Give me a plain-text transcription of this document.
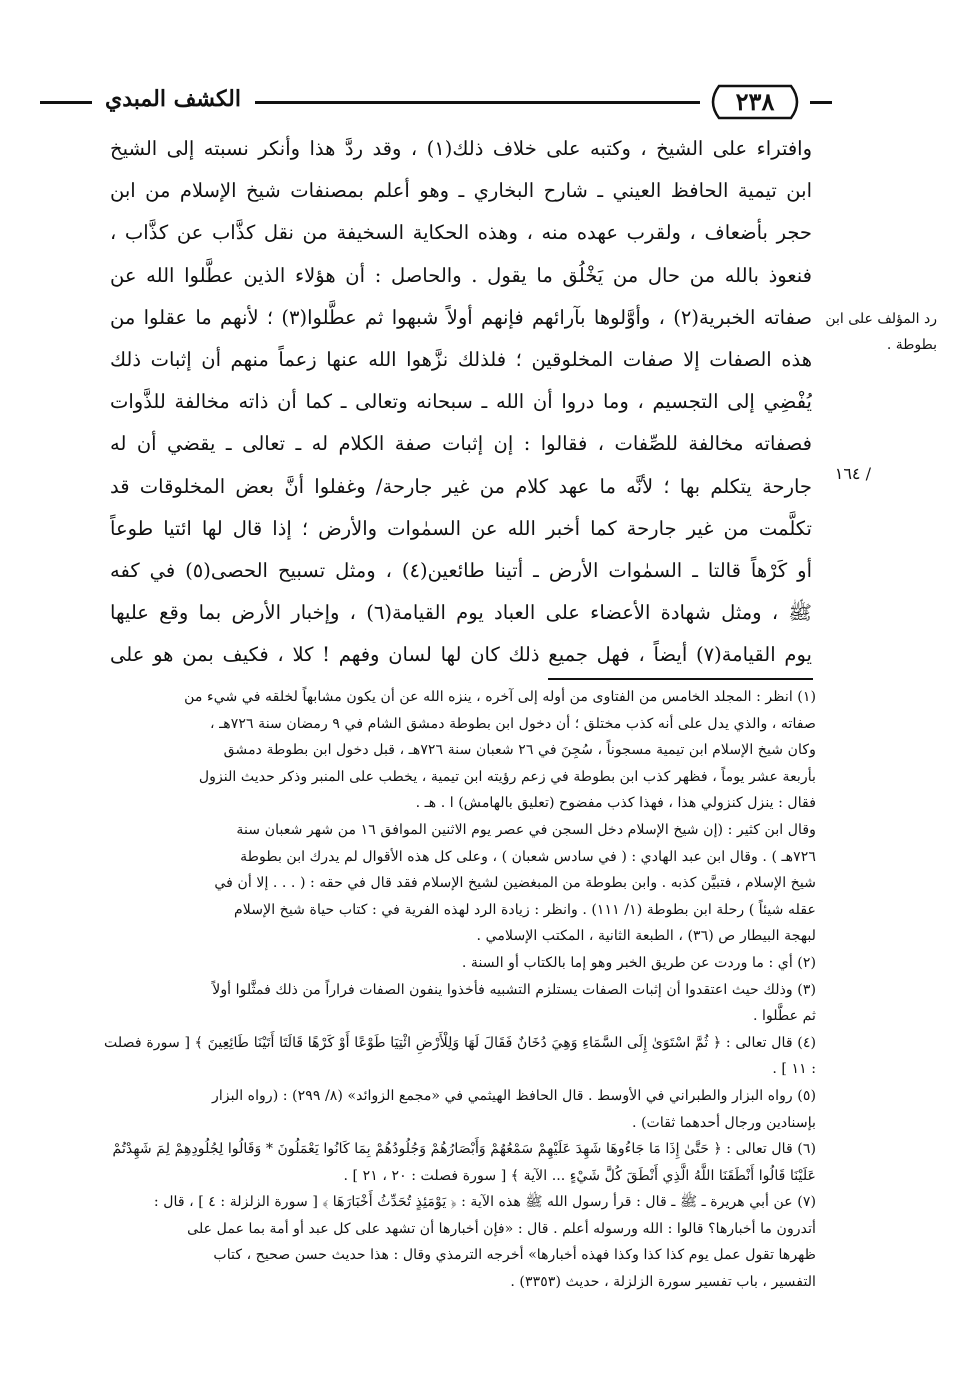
٢٣٨
الكشف المبدي
وافتراء على الشيخ ، وكتبه على خلاف ذلك(١) ، وقد ردَّ هذا وأنكر نسبته إلى الشيخ
ابن تيمية الحافظ العيني ـ شارح البخاري ـ وهو أعلم بمصنفات شيخ الإسلام من ابن
حجر بأضعاف ، ولقرب عهده منه ، وهذه الحكاية السخيفة من نقل كذَّاب عن كذَّاب ،
فنعوذ بالله من حال من يَخْلُق ما يقول . والحاصل : أن هؤلاء الذين عطَّلوا الله عن
صفاته الخبرية(٢) ، وأوَّلوها بآرائهم فإنهم أولاً شبهوا ثم عطَّلوا(٣) ؛ لأنهم ما عقلوا من
هذه الصفات إلا صفات المخلوقين ؛ فلذلك نزَّهوا الله عنها زعماً منهم أن إثبات ذلك
يُفْضِي إلى التجسيم ، وما دروا أن الله ـ سبحانه وتعالى ـ كما أن ذاته مخالفة للذَّوات
فصفاته مخالفة للصِّفات ، فقالوا : إن إثبات صفة الكلام له ـ تعالى ـ يقضي أن له
جارحة يتكلم بها ؛ لأنَّه ما عهد كلام من غير جارحة/ وغفلوا أنَّ بعض المخلوقات قد
تكلَّمت من غير جارحة كما أخبر الله عن السمٰوات والأرض ؛ إذا قال لها ائتيا طوعاً
أو كَرْهاً قالتا ـ السمٰوات الأرض ـ أتينا طائعين(٤) ، ومثل تسبيح الحصى(٥) في كفه
ﷺ ، ومثل شهادة الأعضاء على العباد يوم القيامة(٦) ، وإخبار الأرض بما وقع عليها
يوم القيامة(٧) أيضاً ، فهل جميع ذلك كان لها لسان وفهم ! كلا ، فكيف بمن هو على
رد المؤلف على ابن بطوطة .
/ ١٦٤
(١) انظر : المجلد الخامس من الفتاوى من أوله إلى آخره ، ينزه الله عن أن يكون مشابهاً لخلقه في شيء من
صفاته ، والذي يدل على أنه كذب مختلق ؛ أن دخول ابن بطوطة دمشق الشام في ٩ رمضان سنة ٧٢٦هـ ،
وكان شيخ الإسلام ابن تيمية مسجوناً ، سُجِنَ في ٢٦ شعبان سنة ٧٢٦هـ ، قبل دخول ابن بطوطة دمشق
بأربعة عشر يوماً ، فظهر كذب ابن بطوطة في زعم رؤيته ابن تيمية ، يخطب على المنبر وذكر حديث النزول
فقال : ينزل كنزولي هذا ، فهذا كذب مفضوح (تعليق بالهامش) ا . هـ .
وقال ابن كثير : (إن شيخ الإسلام دخل السجن في عصر يوم الاثنين الموافق ١٦ من شهر شعبان سنة
٧٢٦هـ ) . وقال ابن عبد الهادي : ( في سادس شعبان ) ، وعلى كل هذه الأقوال لم يدرك ابن بطوطة
شيخ الإسلام ، فتبيَّن كذبه . وابن بطوطة من المبغضين لشيخ الإسلام فقد قال في حقه : ( . . . إلا أن في
عقله شيئاً ) رحلة ابن بطوطة (١/ ١١١) . وانظر : زيادة الرد لهذه الفرية في : كتاب حياة شيخ الإسلام
لبهجة البيطار ص (٣٦) ، الطبعة الثانية ، المكتب الإسلامي .
(٢) أي : ما وردت عن طريق الخبر وهو إما بالكتاب أو السنة .
(٣) وذلك حيث اعتقدوا أن إثبات الصفات يستلزم التشبيه فأخذوا ينفون الصفات فراراً من ذلك فمثَّلوا أولاً
ثم عطَّلوا .
(٤) قال تعالى : ﴿ ثُمَّ اسْتَوَىٰ إِلَى السَّمَاءِ وَهِيَ دُخَانٌ فَقَالَ لَهَا وَلِلْأَرْضِ ائْتِيَا طَوْعًا أَوْ كَرْهًا قَالَتَا أَتَيْنَا طَائِعِينَ ﴾ [ سورة فصلت : ١١ ] .
(٥) رواه البزار والطبراني في الأوسط . قال الحافظ الهيثمي في «مجمع الزوائد» (٨/ ٢٩٩) : (رواه البزار
بإسنادين ورجال أحدهما ثقات) .
(٦) قال تعالى : ﴿ حَتَّىٰ إِذَا مَا جَاءُوهَا شَهِدَ عَلَيْهِمْ سَمْعُهُمْ وَأَبْصَارُهُمْ وَجُلُودُهُمْ بِمَا كَانُوا يَعْمَلُونَ * وَقَالُوا لِجُلُودِهِمْ لِمَ شَهِدْتُمْ
عَلَيْنَا قَالُوا أَنْطَقَنَا اللَّهُ الَّذِي أَنْطَقَ كُلَّ شَيْءٍ ... الآية ﴾ [ سورة فصلت : ٢٠ ، ٢١ ] .
(٧) عن أبي هريرة ـ ﷺ ـ قال : قرأ رسول الله ﷺ هذه الآية : ﴿ يَوْمَئِذٍ تُحَدِّثُ أَخْبَارَهَا ﴾ [ سورة الزلزلة : ٤ ] ، قال :
أتدرون ما أخبارها؟ قالوا : الله ورسوله أعلم . قال : «فإن أخبارها أن تشهد على كل عبد أو أمة بما عمل على
ظهرها تقول عمل يوم كذا كذا وكذا فهذه أخبارها» أخرجه الترمذي وقال : هذا حديث حسن صحيح ، كتاب
التفسير ، باب تفسير سورة الزلزلة ، حديث (٣٣٥٣) .
